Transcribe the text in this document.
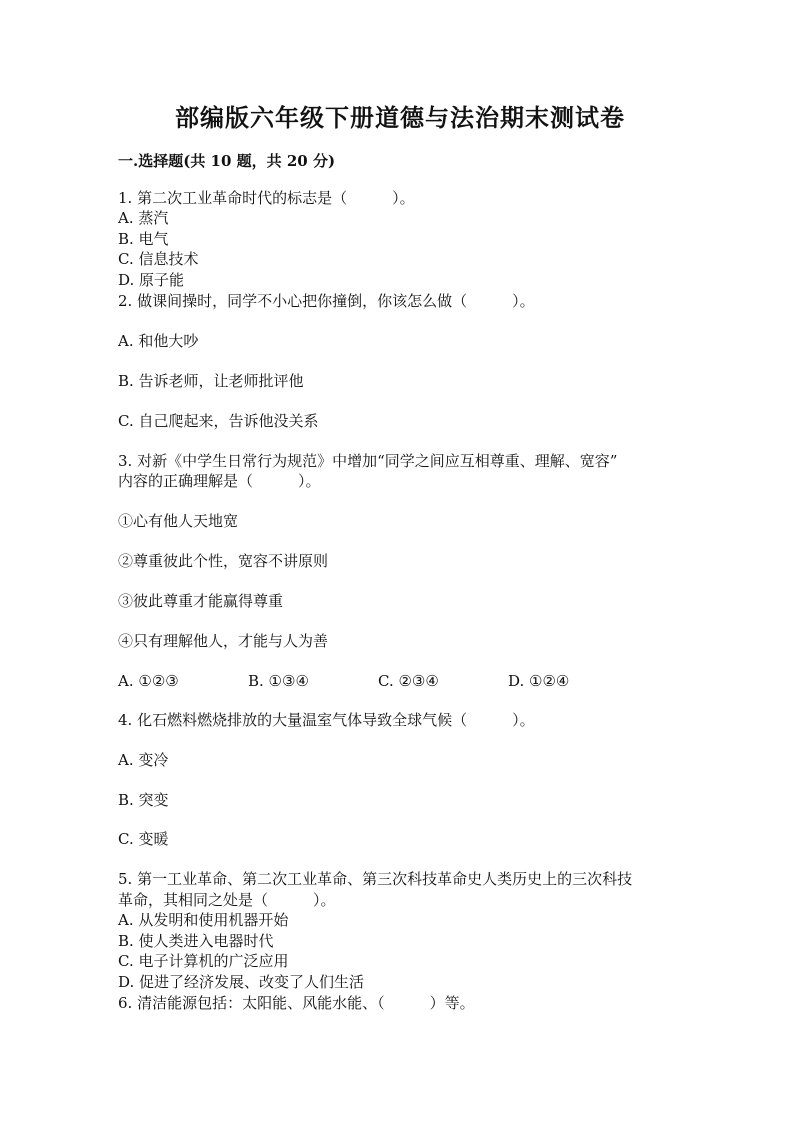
部编版六年级下册道德与法治期末测试卷
一.选择题(共 10 题，共 20 分)
1. 第二次工业革命时代的标志是（　　　）。
A. 蒸汽
B. 电气
C. 信息技术
D. 原子能
2. 做课间操时，同学不小心把你撞倒，你该怎么做（　　　）。
A. 和他大吵
B. 告诉老师，让老师批评他
C. 自己爬起来，告诉他没关系
3. 对新《中学生日常行为规范》中增加“同学之间应互相尊重、理解、宽容”
内容的正确理解是（　　　）。
①心有他人天地宽
②尊重彼此个性，宽容不讲原则
③彼此尊重才能赢得尊重
④只有理解他人，才能与人为善
A. ①②③	B. ①③④	C. ②③④	D. ①②④
4. 化石燃料燃烧排放的大量温室气体导致全球气候（　　　）。
A. 变冷
B. 突变
C. 变暖
5. 第一工业革命、第二次工业革命、第三次科技革命史人类历史上的三次科技
革命，其相同之处是（　　　）。
A. 从发明和使用机器开始
B. 使人类进入电器时代
C. 电子计算机的广泛应用
D. 促进了经济发展、改变了人们生活
6. 清洁能源包括：太阳能、风能水能、（　　　）等。
